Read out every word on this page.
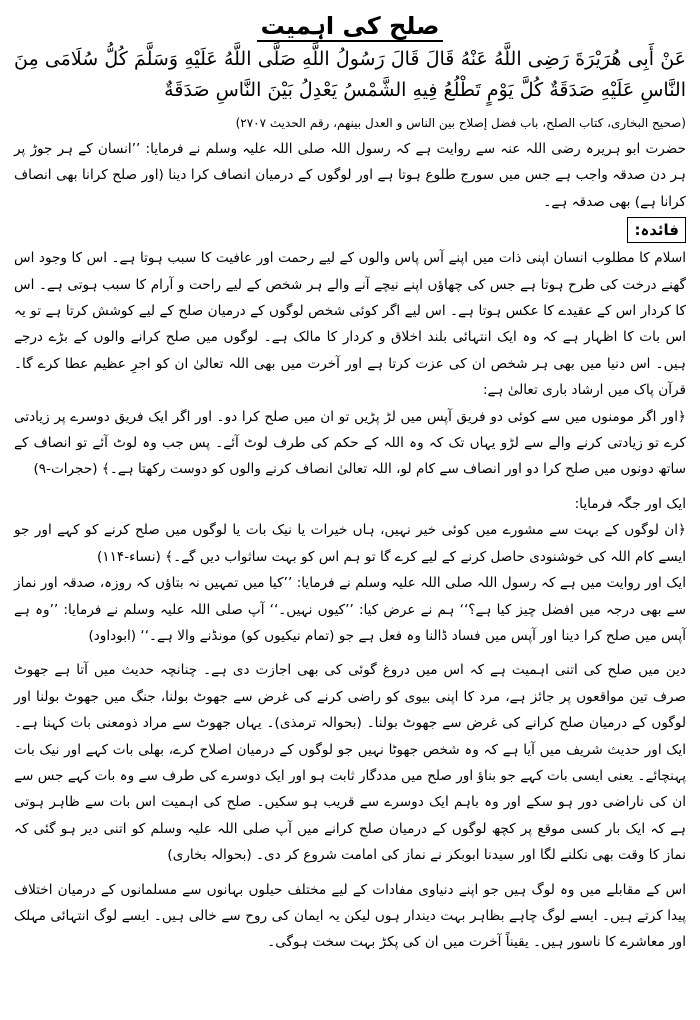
صلح کی اہمیت

عَنْ أَبِی هُرَیْرَةَ رَضِی اللَّهُ عَنْهُ قَالَ قَالَ رَسُولُ اللَّهِ صَلَّى اللَّهُ عَلَیْهِ وَسَلَّمَ كُلُّ سُلَامَى مِنَ النَّاسِ عَلَیْهِ صَدَقَةٌ كُلَّ یَوْمٍ تَطْلُعُ فِیهِ الشَّمْسُ یَعْدِلُ بَیْنَ النَّاسِ صَدَقَةٌ

(صحیح البخاری، کتاب الصلح، باب فضل إصلاح بین الناس و العدل بینھم، رقم الحدیث ۲۷۰۷)

حضرت ابو ہریرہ رضی اللہ عنہ سے روایت ہے کہ رسول اللہ صلی اللہ علیہ وسلم نے فرمایا: ’’انسان کے ہر جوڑ پر ہر دن صدقہ واجب ہے جس میں سورج طلوع ہوتا ہے اور لوگوں کے درمیان انصاف کرا دینا (اور صلح کرانا بھی انصاف کرانا ہے) بھی صدقہ ہے۔

فائدہ:

اسلام کا مطلوب انسان اپنی ذات میں اپنے آس پاس والوں کے لیے رحمت اور عافیت کا سبب ہوتا ہے۔ اس کا وجود اس گھنے درخت کی طرح ہوتا ہے جس کی چھاؤں اپنے نیچے آنے والے ہر شخص کے لیے راحت و آرام کا سبب ہوتی ہے۔ اس کا کردار اس کے عقیدے کا عکس ہوتا ہے۔ اس لیے اگر کوئی شخص لوگوں کے درمیان صلح کے لیے کوشش کرتا ہے تو یہ اس بات کا اظہار ہے کہ وہ ایک انتہائی بلند اخلاق و کردار کا مالک ہے۔ لوگوں میں صلح کرانے والوں کے بڑے درجے ہیں۔ اس دنیا میں بھی ہر شخص ان کی عزت کرتا ہے اور آخرت میں بھی اللہ تعالیٰ ان کو اجرِ عظیم عطا کرے گا۔ قرآن پاک میں ارشاد باری تعالیٰ ہے:

﴿اور اگر مومنوں میں سے کوئی دو فریق آپس میں لڑ پڑیں تو ان میں صلح کرا دو۔ اور اگر ایک فریق دوسرے پر زیادتی کرے تو زیادتی کرنے والے سے لڑو یہاں تک کہ وہ اللہ کے حکم کی طرف لوٹ آئے۔ پس جب وہ لوٹ آئے تو انصاف کے ساتھ دونوں میں صلح کرا دو اور انصاف سے کام لو، اللہ تعالیٰ انصاف کرنے والوں کو دوست رکھتا ہے۔﴾ (حجرات-۹)

ایک اور جگہ فرمایا:

﴿ان لوگوں کے بہت سے مشورے میں کوئی خیر نہیں، ہاں خیرات یا نیک بات یا لوگوں میں صلح کرنے کو کہے اور جو ایسے کام اللہ کی خوشنودی حاصل کرنے کے لیے کرے گا تو ہم اس کو بہت ساثواب دیں گے۔﴾ (نساء-۱۱۴)

ایک اور روایت میں ہے کہ رسول اللہ صلی اللہ علیہ وسلم نے فرمایا: ’’کیا میں تمہیں نہ بتاؤں کہ روزہ، صدقہ اور نماز سے بھی درجہ میں افضل چیز کیا ہے؟‘‘ ہم نے عرض کیا: ’’کیوں نہیں۔‘‘ آپ صلی اللہ علیہ وسلم نے فرمایا: ’’وہ ہے آپس میں صلح کرا دینا اور آپس میں فساد ڈالنا وہ فعل ہے جو (تمام نیکیوں کو) مونڈنے والا ہے۔‘‘ (ابوداود)

دین میں صلح کی اتنی اہمیت ہے کہ اس میں دروغ گوئی کی بھی اجازت دی ہے۔ چنانچہ حدیث میں آتا ہے جھوٹ صرف تین مواقعوں پر جائز ہے، مرد کا اپنی بیوی کو راضی کرنے کی غرض سے جھوٹ بولنا، جنگ میں جھوٹ بولنا اور لوگوں کے درمیان صلح کرانے کی غرض سے جھوٹ بولنا۔ (بحوالہ ترمذی)۔ یہاں جھوٹ سے مراد ذومعنی بات کہنا ہے۔ ایک اور حدیث شریف میں آیا ہے کہ وہ شخص جھوٹا نہیں جو لوگوں کے درمیان اصلاح کرے، بھلی بات کہے اور نیک بات پہنچائے۔ یعنی ایسی بات کہے جو بناؤ اور صلح میں مددگار ثابت ہو اور ایک دوسرے کی طرف سے وہ بات کہے جس سے ان کی ناراضی دور ہو سکے اور وہ باہم ایک دوسرے سے قریب ہو سکیں۔ صلح کی اہمیت اس بات سے ظاہر ہوتی ہے کہ ایک بار کسی موقع پر کچھ لوگوں کے درمیان صلح کرانے میں آپ صلی اللہ علیہ وسلم کو اتنی دیر ہو گئی کہ نماز کا وقت بھی نکلنے لگا اور سیدنا ابوبکر نے نماز کی امامت شروع کر دی۔ (بحوالہ بخاری)

اس کے مقابلے میں وہ لوگ ہیں جو اپنے دنیاوی مفادات کے لیے مختلف حیلوں بہانوں سے مسلمانوں کے درمیان اختلاف پیدا کرتے ہیں۔ ایسے لوگ چاہے بظاہر بہت دیندار ہوں لیکن یہ ایمان کی روح سے خالی ہیں۔ ایسے لوگ انتہائی مہلک اور معاشرے کا ناسور ہیں۔ یقیناً آخرت میں ان کی پکڑ بہت سخت ہوگی۔
